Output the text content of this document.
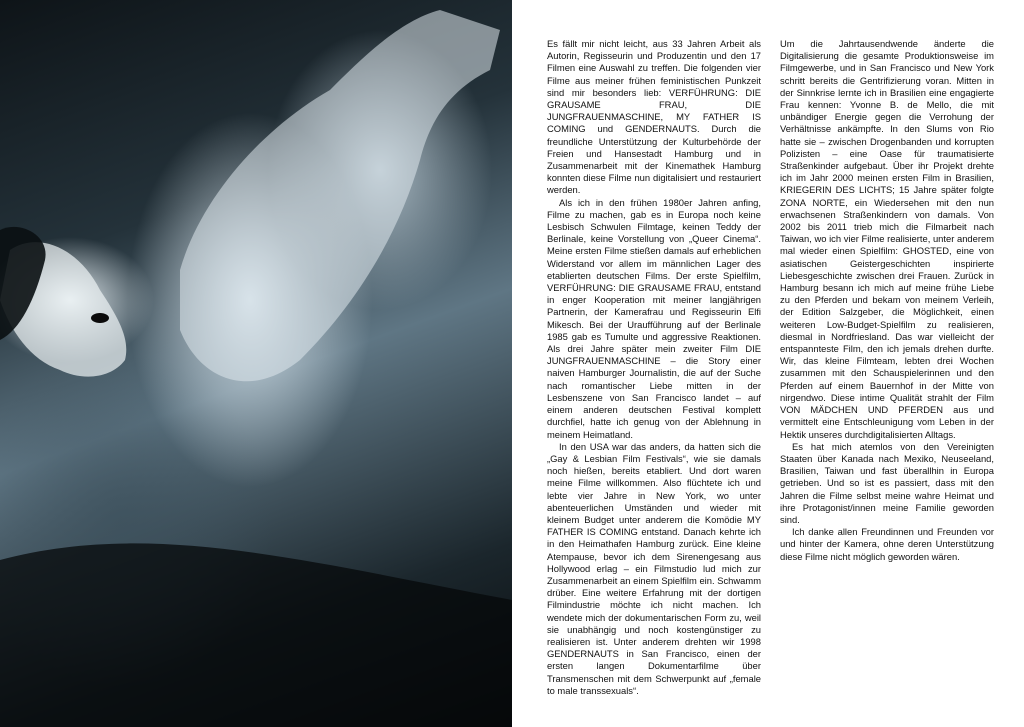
Es fällt mir nicht leicht, aus 33 Jahren Arbeit als Autorin, Regisseurin und Produzentin und den 17 Filmen eine Auswahl zu treffen. Die folgenden vier Filme aus meiner frühen feministischen Punkzeit sind mir besonders lieb: VERFÜHRUNG: DIE GRAUSAME FRAU, DIE JUNGFRAUENMASCHINE, MY FATHER IS COMING und GENDERNAUTS. Durch die freundliche Unterstützung der Kulturbehörde der Freien und Hansestadt Hamburg und in Zusammenarbeit mit der Kinemathek Hamburg konnten diese Filme nun digitalisiert und restauriert werden.

Als ich in den frühen 1980er Jahren anfing, Filme zu machen, gab es in Europa noch keine Lesbisch Schwulen Filmtage, keinen Teddy der Berlinale, keine Vorstellung von „Queer Cinema“. Meine ersten Filme stießen damals auf erheblichen Widerstand vor allem im männlichen Lager des etablierten deutschen Films. Der erste Spielfilm, VERFÜHRUNG: DIE GRAUSAME FRAU, entstand in enger Kooperation mit meiner langjährigen Partnerin, der Kamerafrau und Regisseurin Elfi Mikesch. Bei der Uraufführung auf der Berlinale 1985 gab es Tumulte und aggressive Reaktionen. Als drei Jahre später mein zweiter Film DIE JUNGFRAUENMASCHINE – die Story einer naiven Hamburger Journalistin, die auf der Suche nach romantischer Liebe mitten in der Lesbenszene von San Francisco landet – auf einem anderen deutschen Festival komplett durchfiel, hatte ich genug von der Ablehnung in meinem Heimatland.

In den USA war das anders, da hatten sich die „Gay & Lesbian Film Festivals“, wie sie damals noch hießen, bereits etabliert. Und dort waren meine Filme willkommen. Also flüchtete ich und lebte vier Jahre in New York, wo unter abenteuerlichen Umständen und wieder mit kleinem Budget unter anderem die Komödie MY FATHER IS COMING entstand. Danach kehrte ich in den Heimathafen Hamburg zurück. Eine kleine Atempause, bevor ich dem Sirenengesang aus Hollywood erlag – ein Filmstudio lud mich zur Zusammenarbeit an einem Spielfilm ein. Schwamm drüber. Eine weitere Erfahrung mit der dortigen Filmindustrie möchte ich nicht machen. Ich wendete mich der dokumentarischen Form zu, weil sie unabhängig und noch kostengünstiger zu realisieren ist. Unter anderem drehten wir 1998 GENDERNAUTS in San Francisco, einen der ersten langen Dokumentarfilme über Transmenschen mit dem Schwerpunkt auf „female to male transsexuals“.

Um die Jahrtausendwende änderte die Digitalisierung die gesamte Produktionsweise im Filmgewerbe, und in San Francisco und New York schritt bereits die Gentrifizierung voran. Mitten in der Sinnkrise lernte ich in Brasilien eine engagierte Frau kennen: Yvonne B. de Mello, die mit unbändiger Energie gegen die Verrohung der Verhältnisse ankämpfte. In den Slums von Rio hatte sie – zwischen Drogenbanden und korrupten Polizisten – eine Oase für traumatisierte Straßenkinder aufgebaut. Über ihr Projekt drehte ich im Jahr 2000 meinen ersten Film in Brasilien, KRIEGERIN DES LICHTS; 15 Jahre später folgte ZONA NORTE, ein Wiedersehen mit den nun erwachsenen Straßenkindern von damals. Von 2002 bis 2011 trieb mich die Filmarbeit nach Taiwan, wo ich vier Filme realisierte, unter anderem mal wieder einen Spielfilm: GHOSTED, eine von asiatischen Geistergeschichten inspirierte Liebesgeschichte zwischen drei Frauen. Zurück in Hamburg besann ich mich auf meine frühe Liebe zu den Pferden und bekam von meinem Verleih, der Edition Salzgeber, die Möglichkeit, einen weiteren Low-Budget-Spielfilm zu realisieren, diesmal in Nordfriesland. Das war vielleicht der entspannteste Film, den ich jemals drehen durfte. Wir, das kleine Filmteam, lebten drei Wochen zusammen mit den Schauspielerinnen und den Pferden auf einem Bauernhof in der Mitte von nirgendwo. Diese intime Qualität strahlt der Film VON MÄDCHEN UND PFERDEN aus und vermittelt eine Entschleunigung vom Leben in der Hektik unseres durchdigitalisierten Alltags.

Es hat mich atemlos von den Vereinigten Staaten über Kanada nach Mexiko, Neuseeland, Brasilien, Taiwan und fast überallhin in Europa getrieben. Und so ist es passiert, dass mit den Jahren die Filme selbst meine wahre Heimat und ihre Protagonist/innen meine Familie geworden sind.

Ich danke allen Freundinnen und Freunden vor und hinter der Kamera, ohne deren Unterstützung diese Filme nicht möglich geworden wären.
